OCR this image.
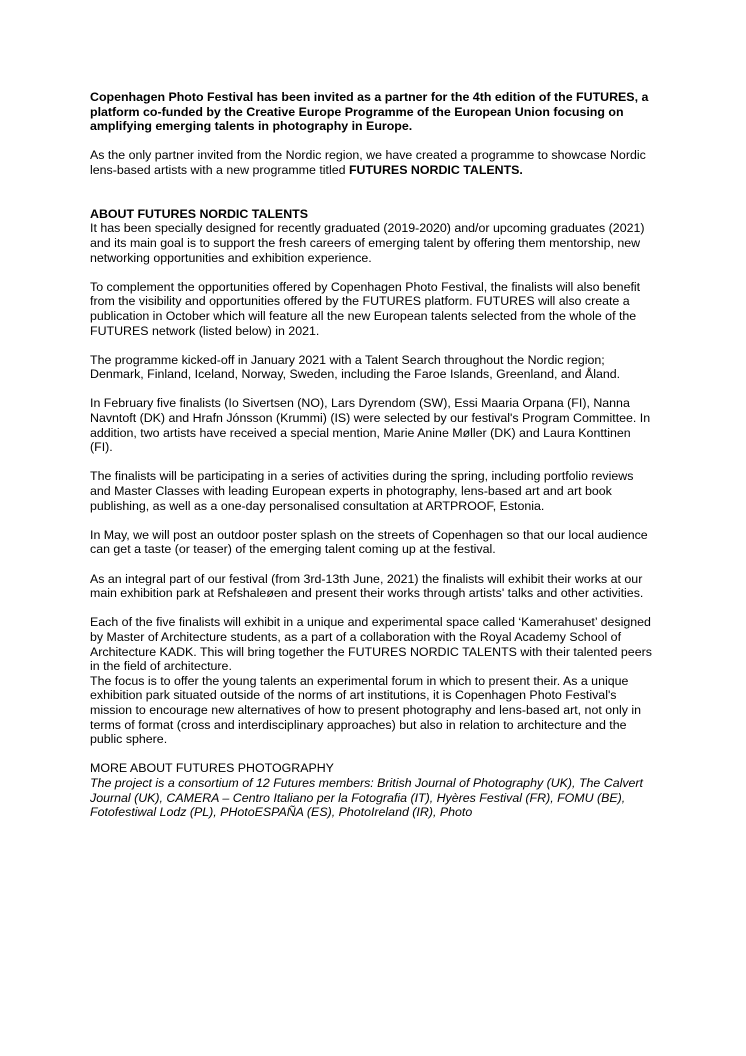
Copenhagen Photo Festival has been invited as a partner for the 4th edition of the FUTURES, a platform co-funded by the Creative Europe Programme of the European Union focusing on amplifying emerging talents in photography in Europe.

As the only partner invited from the Nordic region, we have created a programme to showcase Nordic lens-based artists with a new programme titled FUTURES NORDIC TALENTS.

ABOUT FUTURES NORDIC TALENTS

It has been specially designed for recently graduated (2019-2020) and/or upcoming graduates (2021) and its main goal is to support the fresh careers of emerging talent by offering them mentorship, new networking opportunities and exhibition experience.

To complement the opportunities offered by Copenhagen Photo Festival, the finalists will also benefit from the visibility and opportunities offered by the FUTURES platform. FUTURES will also create a publication in October which will feature all the new European talents selected from the whole of the FUTURES network (listed below) in 2021.

The programme kicked-off in January 2021 with a Talent Search throughout the Nordic region; Denmark, Finland, Iceland, Norway, Sweden, including the Faroe Islands, Greenland, and Åland.

In February five finalists (Io Sivertsen (NO), Lars Dyrendom (SW), Essi Maaria Orpana (FI), Nanna Navntoft (DK) and Hrafn Jónsson (Krummi) (IS) were selected by our festival's Program Committee. In addition, two artists have received a special mention, Marie Anine Møller (DK) and Laura Konttinen (FI).

The finalists will be participating in a series of activities during the spring, including portfolio reviews and Master Classes with leading European experts in photography, lens-based art and art book publishing, as well as a one-day personalised consultation at ARTPROOF, Estonia.

In May, we will post an outdoor poster splash on the streets of Copenhagen so that our local audience can get a taste (or teaser) of the emerging talent coming up at the festival.

As an integral part of our festival (from 3rd-13th June, 2021) the finalists will exhibit their works at our main exhibition park at Refshaleøen and present their works through artists' talks and other activities.

Each of the five finalists will exhibit in a unique and experimental space called ‘Kamerahuset’ designed by Master of Architecture students, as a part of a collaboration with the Royal Academy School of Architecture KADK. This will bring together the FUTURES NORDIC TALENTS with their talented peers in the field of architecture.

The focus is to offer the young talents an experimental forum in which to present their. As a unique exhibition park situated outside of the norms of art institutions, it is Copenhagen Photo Festival's mission to encourage new alternatives of how to present photography and lens-based art, not only in terms of format (cross and interdisciplinary approaches) but also in relation to architecture and the public sphere.

MORE ABOUT FUTURES PHOTOGRAPHY

The project is a consortium of 12 Futures members: British Journal of Photography (UK), The Calvert Journal (UK), CAMERA – Centro Italiano per la Fotografia (IT), Hyères Festival (FR), FOMU (BE), Fotofestiwal Lodz (PL), PHotoESPAÑA (ES), PhotoIreland (IR), Photo
